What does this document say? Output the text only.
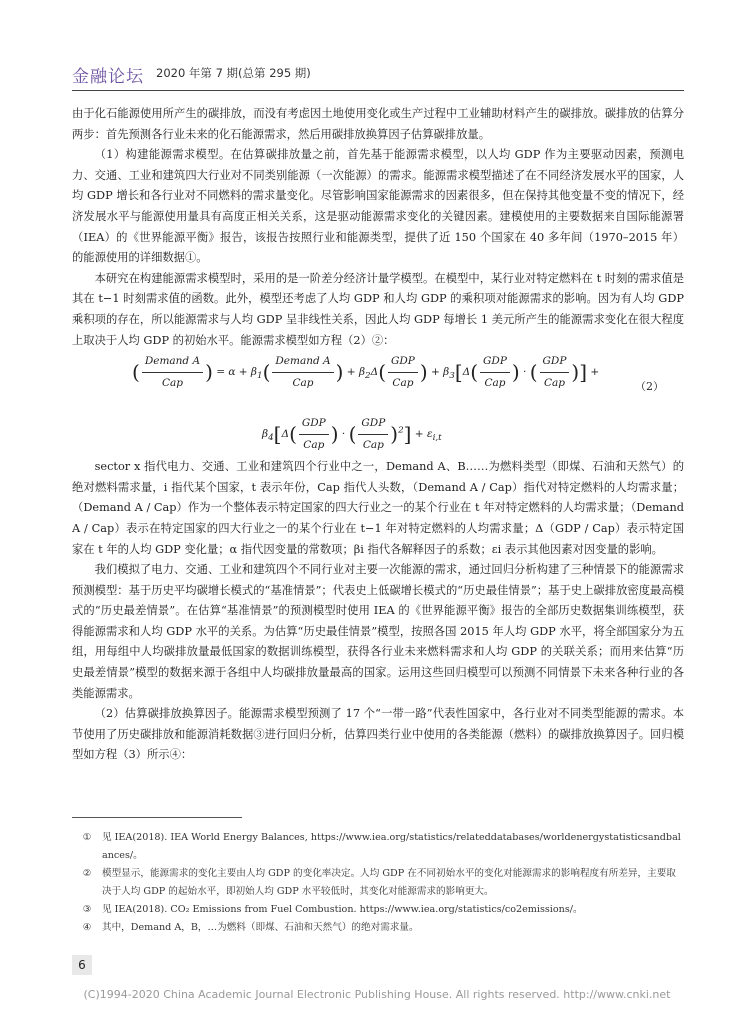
金融论坛 2020 年第 7 期(总第 295 期)

由于化石能源使用所产生的碳排放，而没有考虑因土地使用变化或生产过程中工业辅助材料产生的碳排放。碳排放的估算分两步：首先预测各行业未来的化石能源需求，然后用碳排放换算因子估算碳排放量。

（1）构建能源需求模型。在估算碳排放量之前，首先基于能源需求模型，以人均 GDP 作为主要驱动因素，预测电力、交通、工业和建筑四大行业对不同类别能源（一次能源）的需求。能源需求模型描述了在不同经济发展水平的国家，人均 GDP 增长和各行业对不同燃料的需求量变化。尽管影响国家能源需求的因素很多，但在保持其他变量不变的情况下，经济发展水平与能源使用量具有高度正相关关系，这是驱动能源需求变化的关键因素。建模使用的主要数据来自国际能源署（IEA）的《世界能源平衡》报告，该报告按照行业和能源类型，提供了近 150 个国家在 40 多年间（1970–2015 年）的能源使用的详细数据①。

本研究在构建能源需求模型时，采用的是一阶差分经济计量学模型。在模型中，某行业对特定燃料在 t 时刻的需求值是其在 t−1 时刻需求值的函数。此外，模型还考虑了人均 GDP 和人均 GDP 的乘积项对能源需求的影响。因为有人均 GDP 乘积项的存在，所以能源需求与人均 GDP 呈非线性关系，因此人均 GDP 每增长 1 美元所产生的能源需求变化在很大程度上取决于人均 GDP 的初始水平。能源需求模型如方程（2）②：

( $\frac{\text{Demand A}}{\text{Cap}}$ ) = $\alpha + \beta_1( \frac{\text{Demand A}}{\text{Cap}}$ ) + $\beta_2\Delta( \frac{\text{GDP}}{\text{Cap}}$ ) + $\beta_3[\Delta( \frac{\text{GDP}}{\text{Cap}}$ ) · ( $\frac{\text{GDP}}{\text{Cap}}$ )] +
（2）
$\beta_4[\Delta( \frac{\text{GDP}}{\text{Cap}}$ ) · ( $\frac{\text{GDP}}{\text{Cap}} )^2] + \varepsilon_{i,t}$

sector x 指代电力、交通、工业和建筑四个行业中之一，Demand A、B……为燃料类型（即煤、石油和天然气）的绝对燃料需求量，i 指代某个国家，t 表示年份，Cap 指代人头数，（Demand A / Cap）指代对特定燃料的人均需求量；（Demand A / Cap）作为一个整体表示特定国家的四大行业之一的某个行业在 t 年对特定燃料的人均需求量；（Demand A / Cap）表示在特定国家的四大行业之一的某个行业在 t−1 年对特定燃料的人均需求量；Δ（GDP / Cap）表示特定国家在 t 年的人均 GDP 变化量；α 指代因变量的常数项；βi 指代各解释因子的系数；εi 表示其他因素对因变量的影响。

我们模拟了电力、交通、工业和建筑四个不同行业对主要一次能源的需求，通过回归分析构建了三种情景下的能源需求预测模型：基于历史平均碳增长模式的“基准情景”；代表史上低碳增长模式的“历史最佳情景”；基于史上碳排放密度最高模式的“历史最差情景”。在估算“基准情景”的预测模型时使用 IEA 的《世界能源平衡》报告的全部历史数据集训练模型，获得能源需求和人均 GDP 水平的关系。为估算“历史最佳情景”模型，按照各国 2015 年人均 GDP 水平，将全部国家分为五组，用每组中人均碳排放量最低国家的数据训练模型，获得各行业未来燃料需求和人均 GDP 的关联关系；而用来估算“历史最差情景”模型的数据来源于各组中人均碳排放量最高的国家。运用这些回归模型可以预测不同情景下未来各种行业的各类能源需求。

（2）估算碳排放换算因子。能源需求模型预测了 17 个“一带一路”代表性国家中，各行业对不同类型能源的需求。本节使用了历史碳排放和能源消耗数据③进行回归分析，估算四类行业中使用的各类能源（燃料）的碳排放换算因子。回归模型如方程（3）所示④：

①	见 IEA(2018). IEA World Energy Balances, https://www.iea.org/statistics/relateddatabases/worldenergystatisticsandbalances/。
②	模型显示，能源需求的变化主要由人均 GDP 的变化率决定。人均 GDP 在不同初始水平的变化对能源需求的影响程度有所差异，主要取决于人均 GDP 的起始水平，即初始人均 GDP 水平较低时，其变化对能源需求的影响更大。
③	见 IEA(2018). CO₂ Emissions from Fuel Combustion. https://www.iea.org/statistics/co2emissions/。
④	其中，Demand A，B，…为燃料（即煤、石油和天然气）的绝对需求量。
6
(C)1994-2020 China Academic Journal Electronic Publishing House. All rights reserved. http://www.cnki.net
